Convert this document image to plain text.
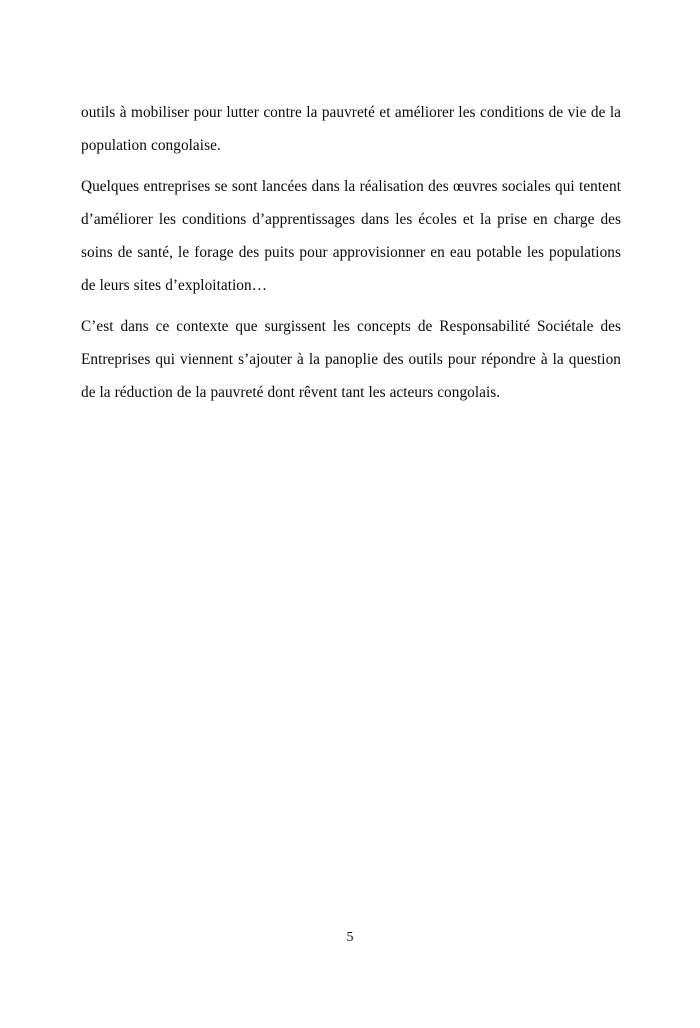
outils à mobiliser pour lutter contre la pauvreté et améliorer les conditions de vie de la population congolaise.

Quelques entreprises se sont lancées dans la réalisation des œuvres sociales qui tentent d’améliorer les conditions d’apprentissages dans les écoles et la prise en charge des soins de santé, le forage des puits pour approvisionner en eau potable les populations de leurs sites d’exploitation…

C’est dans ce contexte que surgissent les concepts de Responsabilité Sociétale des Entreprises qui viennent s’ajouter à la panoplie des outils pour répondre à la question de la réduction de la pauvreté dont rêvent tant les acteurs congolais.

5
